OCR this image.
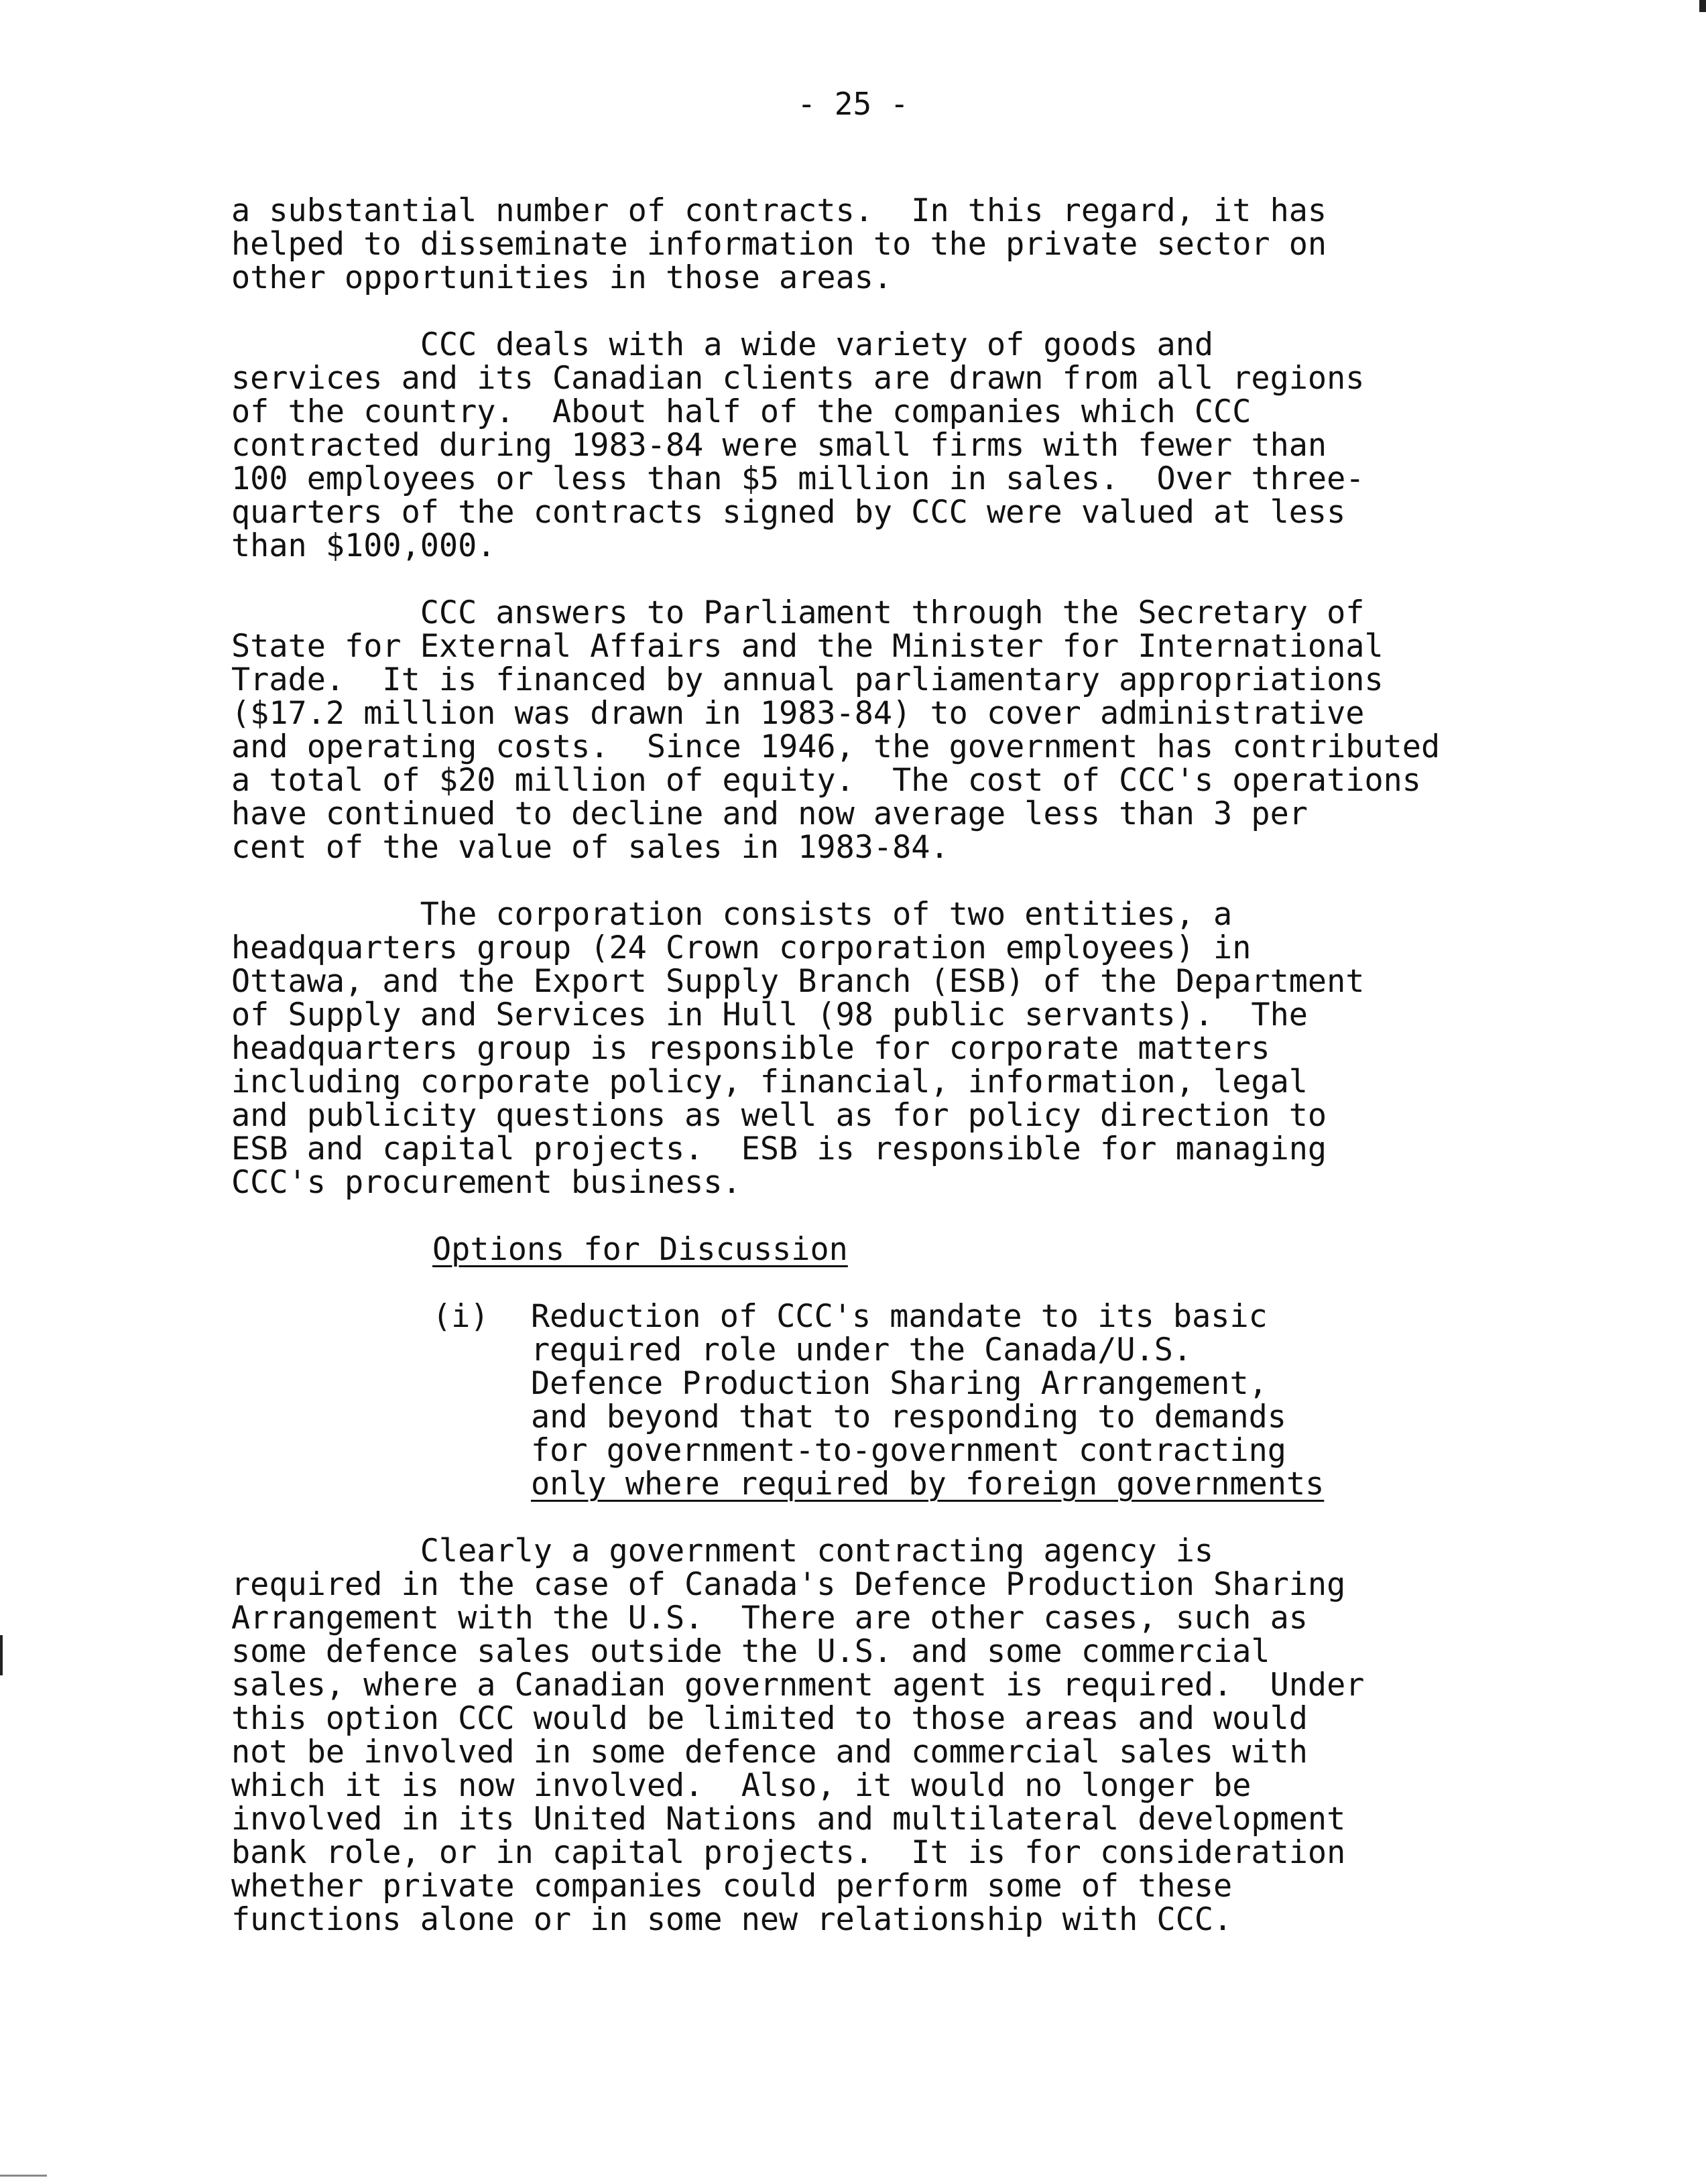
- 25 -
a substantial number of contracts.  In this regard, it has
helped to disseminate information to the private sector on
other opportunities in those areas.
CCC deals with a wide variety of goods and
services and its Canadian clients are drawn from all regions
of the country.  About half of the companies which CCC
contracted during 1983-84 were small firms with fewer than
100 employees or less than $5 million in sales.  Over three-
quarters of the contracts signed by CCC were valued at less
than $100,000.
CCC answers to Parliament through the Secretary of
State for External Affairs and the Minister for International
Trade.  It is financed by annual parliamentary appropriations
($17.2 million was drawn in 1983-84) to cover administrative
and operating costs.  Since 1946, the government has contributed
a total of $20 million of equity.  The cost of CCC's operations
have continued to decline and now average less than 3 per
cent of the value of sales in 1983-84.
The corporation consists of two entities, a
headquarters group (24 Crown corporation employees) in
Ottawa, and the Export Supply Branch (ESB) of the Department
of Supply and Services in Hull (98 public servants).  The
headquarters group is responsible for corporate matters
including corporate policy, financial, information, legal
and publicity questions as well as for policy direction to
ESB and capital projects.  ESB is responsible for managing
CCC's procurement business.
Options for Discussion
(i) Reduction of CCC's mandate to its basic
required role under the Canada/U.S.
Defence Production Sharing Arrangement,
and beyond that to responding to demands
for government-to-government contracting
only where required by foreign governments
Clearly a government contracting agency is
required in the case of Canada's Defence Production Sharing
Arrangement with the U.S.  There are other cases, such as
some defence sales outside the U.S. and some commercial
sales, where a Canadian government agent is required.  Under
this option CCC would be limited to those areas and would
not be involved in some defence and commercial sales with
which it is now involved.  Also, it would no longer be
involved in its United Nations and multilateral development
bank role, or in capital projects.  It is for consideration
whether private companies could perform some of these
functions alone or in some new relationship with CCC.
